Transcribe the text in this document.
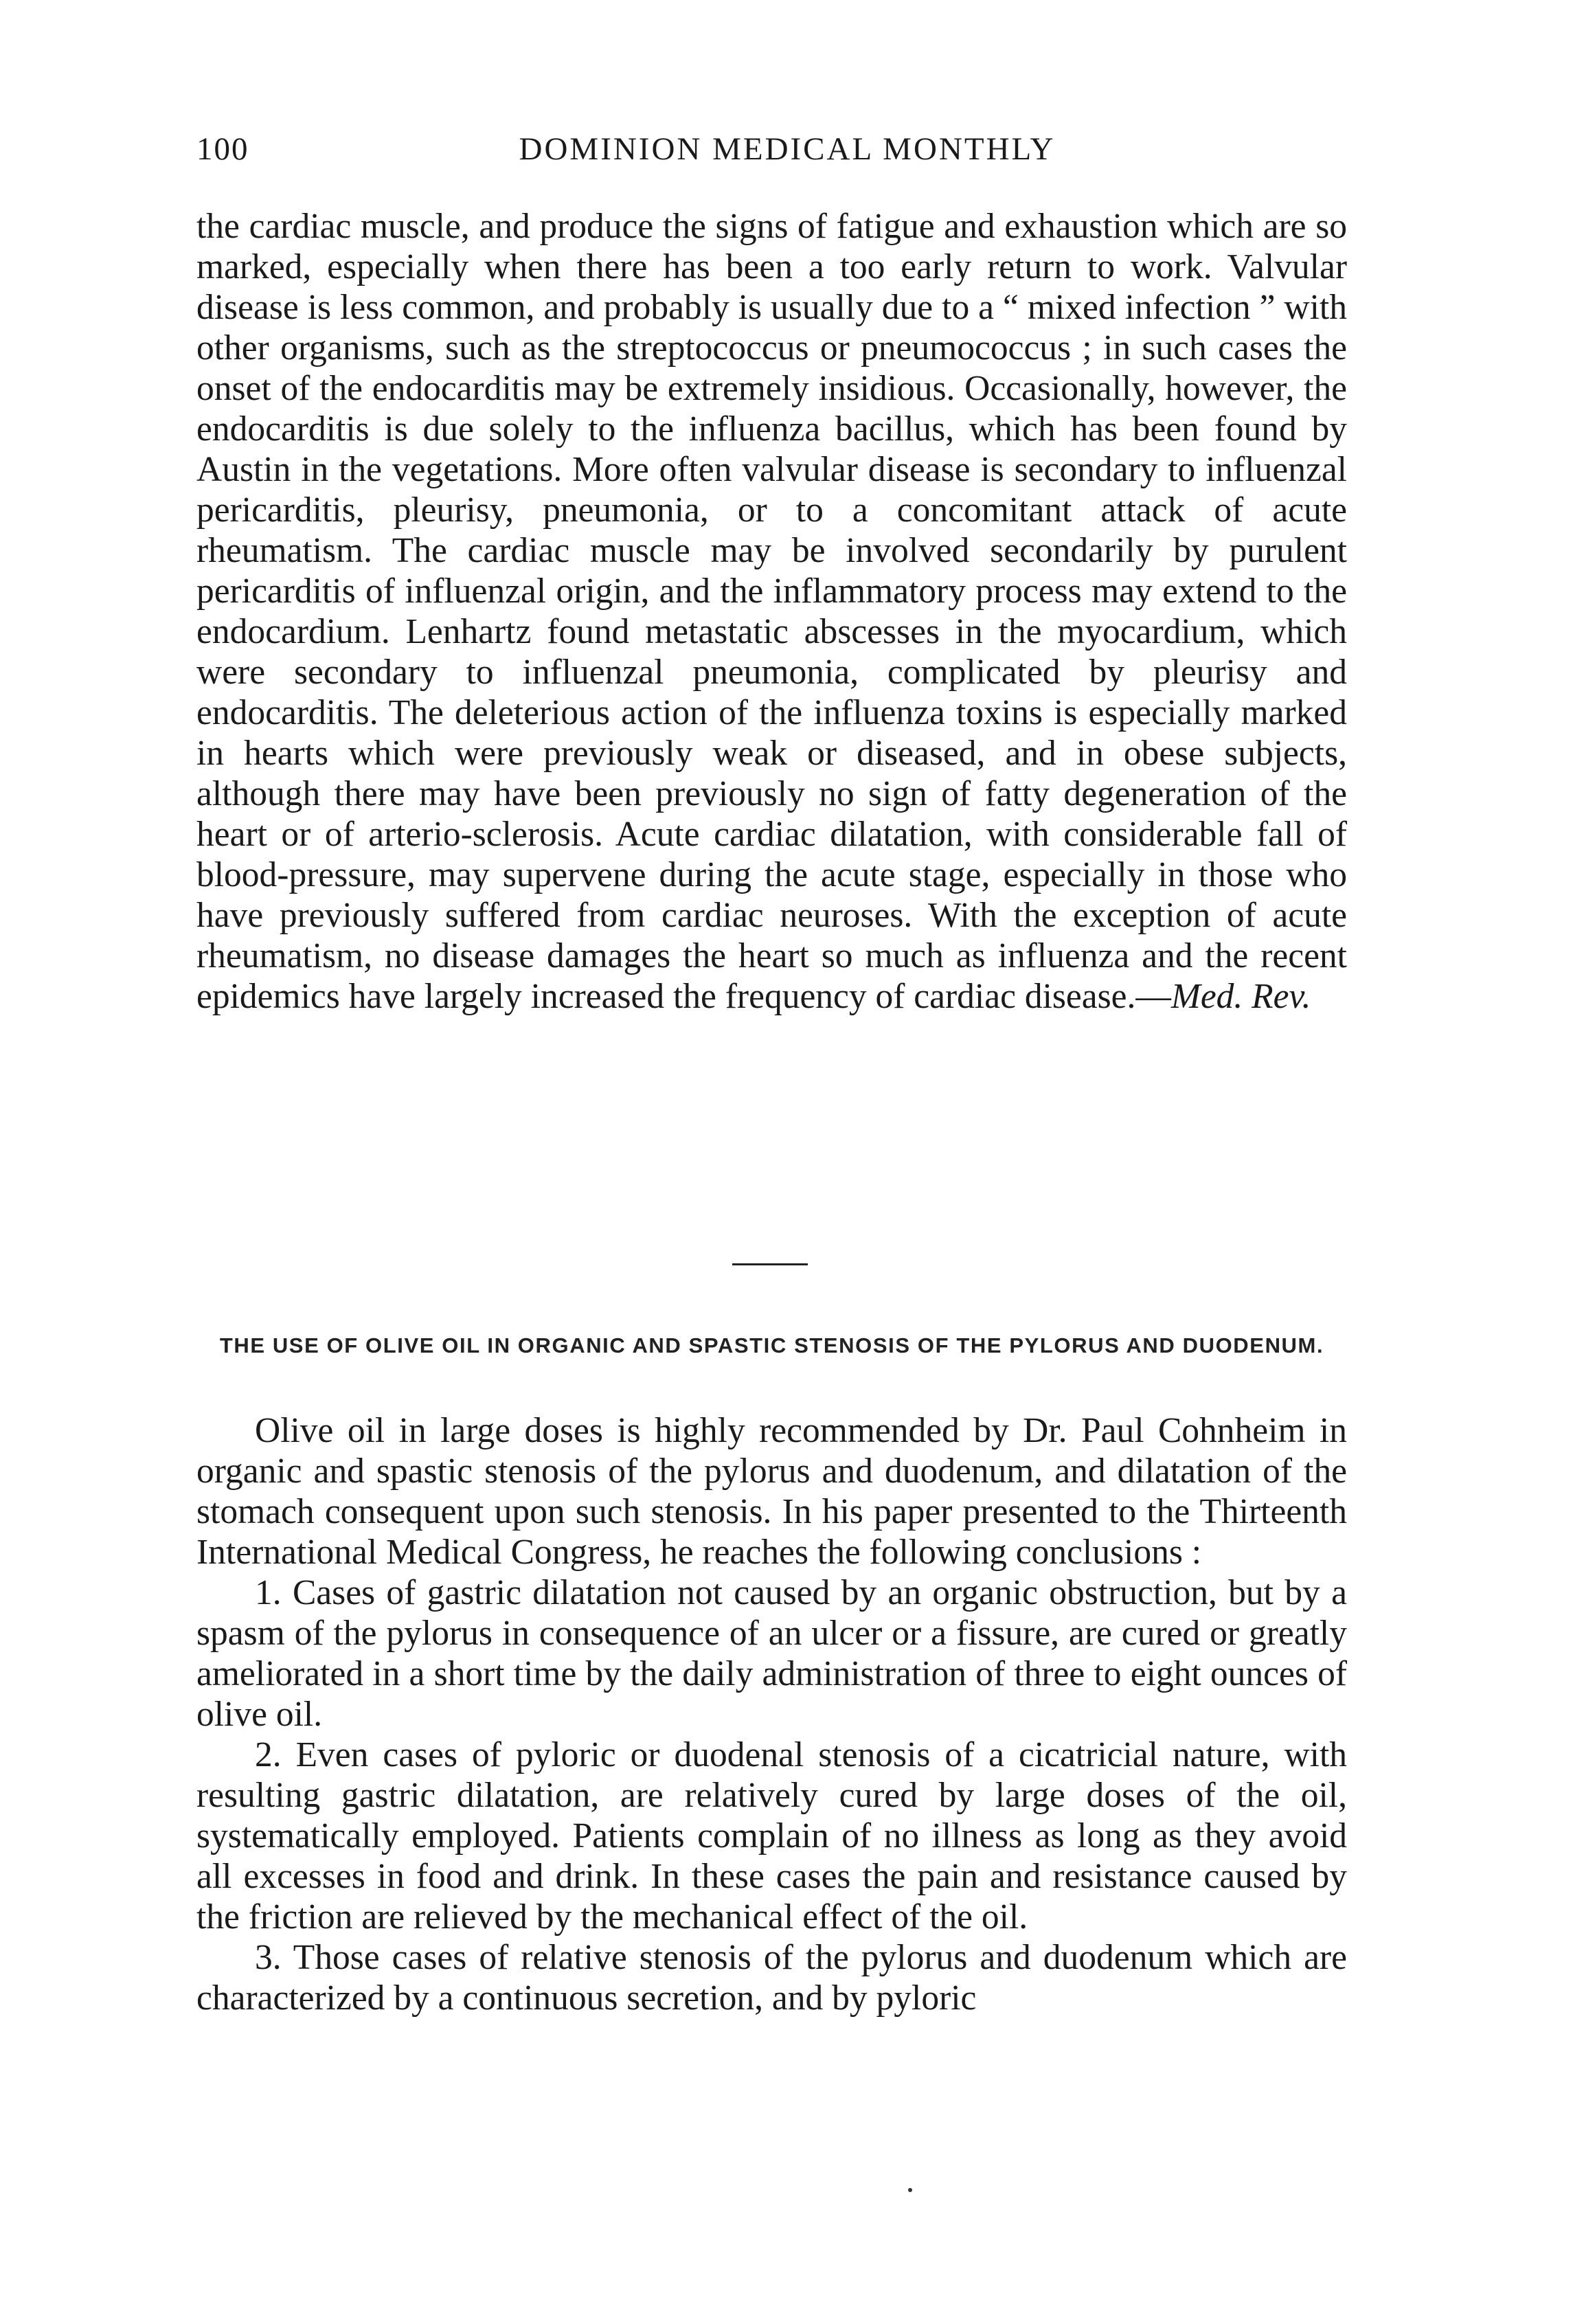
100	DOMINION MEDICAL MONTHLY

the cardiac muscle, and produce the signs of fatigue and exhaustion which are so marked, especially when there has been a too early return to work. Valvular disease is less common, and probably is usually due to a “ mixed infection ” with other organisms, such as the streptococcus or pneumococcus ; in such cases the onset of the endocarditis may be extremely insidious. Occasionally, however, the endocarditis is due solely to the influenza bacillus, which has been found by Austin in the vegetations. More often valvular disease is secondary to influenzal pericarditis, pleurisy, pneumonia, or to a concomitant attack of acute rheumatism. The cardiac muscle may be involved secondarily by purulent pericarditis of influenzal origin, and the inflammatory process may extend to the endocardium. Lenhartz found metastatic abscesses in the myocardium, which were secondary to influenzal pneumonia, complicated by pleurisy and endocarditis. The deleterious action of the influenza toxins is especially marked in hearts which were previously weak or diseased, and in obese subjects, although there may have been previously no sign of fatty degeneration of the heart or of arterio-sclerosis. Acute cardiac dilatation, with considerable fall of blood-pressure, may supervene during the acute stage, especially in those who have previously suffered from cardiac neuroses. With the exception of acute rheumatism, no disease damages the heart so much as influenza and the recent epidemics have largely increased the frequency of cardiac disease.—Med. Rev.

THE USE OF OLIVE OIL IN ORGANIC AND SPASTIC STENOSIS OF THE PYLORUS AND DUODENUM.

Olive oil in large doses is highly recommended by Dr. Paul Cohnheim in organic and spastic stenosis of the pylorus and duodenum, and dilatation of the stomach consequent upon such stenosis. In his paper presented to the Thirteenth International Medical Congress, he reaches the following conclusions :

1. Cases of gastric dilatation not caused by an organic obstruction, but by a spasm of the pylorus in consequence of an ulcer or a fissure, are cured or greatly ameliorated in a short time by the daily administration of three to eight ounces of olive oil.

2. Even cases of pyloric or duodenal stenosis of a cicatricial nature, with resulting gastric dilatation, are relatively cured by large doses of the oil, systematically employed. Patients complain of no illness as long as they avoid all excesses in food and drink. In these cases the pain and resistance caused by the friction are relieved by the mechanical effect of the oil.

3. Those cases of relative stenosis of the pylorus and duodenum which are characterized by a continuous secretion, and by pyloric
